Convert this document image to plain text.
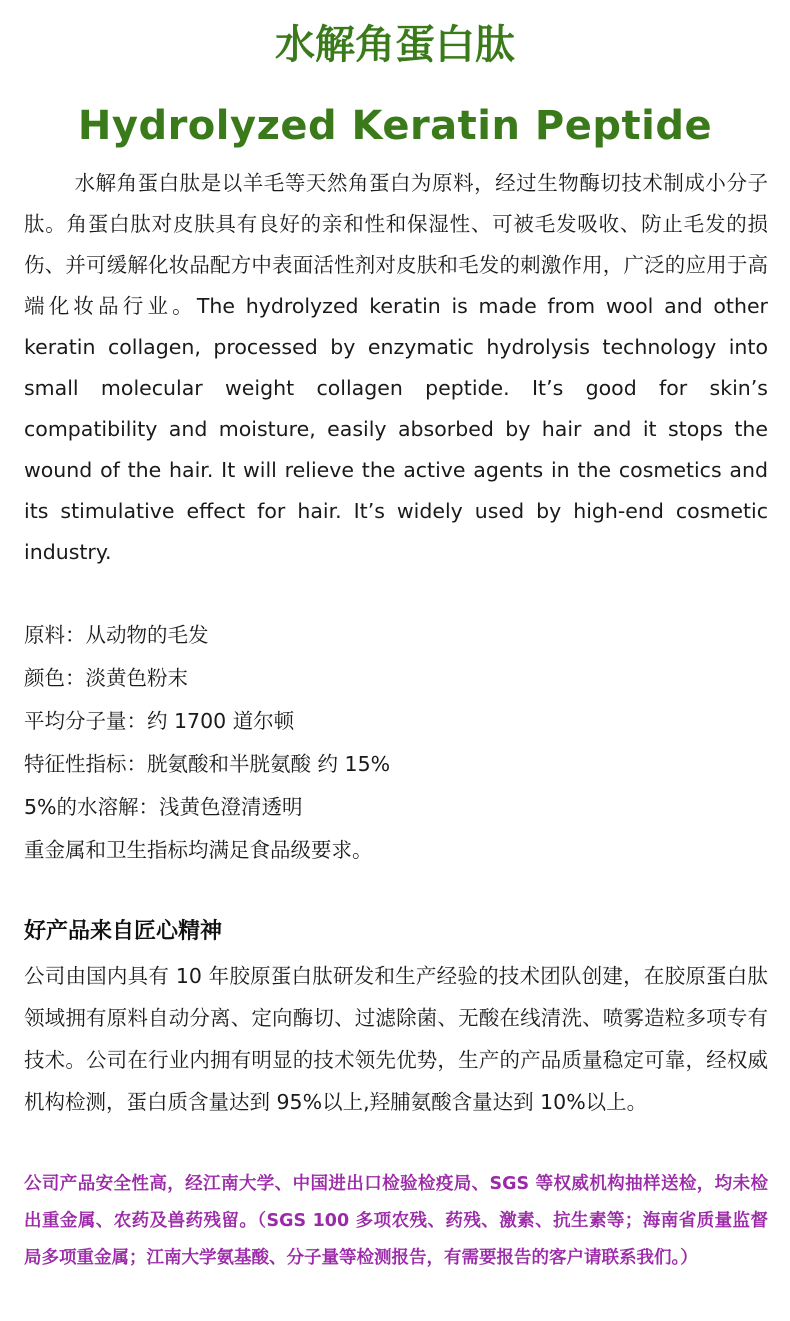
水解角蛋白肽
Hydrolyzed Keratin Peptide

水解角蛋白肽是以羊毛等天然角蛋白为原料，经过生物酶切技术制成小分子肽。角蛋白肽对皮肤具有良好的亲和性和保湿性、可被毛发吸收、防止毛发的损伤、并可缓解化妆品配方中表面活性剂对皮肤和毛发的刺激作用，广泛的应用于高端化妆品行业。The hydrolyzed keratin is made from wool and other keratin collagen, processed by enzymatic hydrolysis technology into small molecular weight collagen peptide. It’s good for skin’s compatibility and moisture, easily absorbed by hair and it stops the wound of the hair. It will relieve the active agents in the cosmetics and its stimulative effect for hair. It’s widely used by high-end cosmetic industry.

原料：从动物的毛发
颜色：淡黄色粉末
平均分子量：约 1700 道尔顿
特征性指标：胱氨酸和半胱氨酸 约 15%
5%的水溶解：浅黄色澄清透明
重金属和卫生指标均满足食品级要求。
好产品来自匠心精神

公司由国内具有 10 年胶原蛋白肽研发和生产经验的技术团队创建，在胶原蛋白肽领域拥有原料自动分离、定向酶切、过滤除菌、无酸在线清洗、喷雾造粒多项专有技术。公司在行业内拥有明显的技术领先优势，生产的产品质量稳定可靠，经权威机构检测，蛋白质含量达到 95%以上,羟脯氨酸含量达到 10%以上。

公司产品安全性高，经江南大学、中国进出口检验检疫局、SGS 等权威机构抽样送检，均未检出重金属、农药及兽药残留。（SGS 100 多项农残、药残、激素、抗生素等；海南省质量监督局多项重金属；江南大学氨基酸、分子量等检测报告，有需要报告的客户请联系我们。）
